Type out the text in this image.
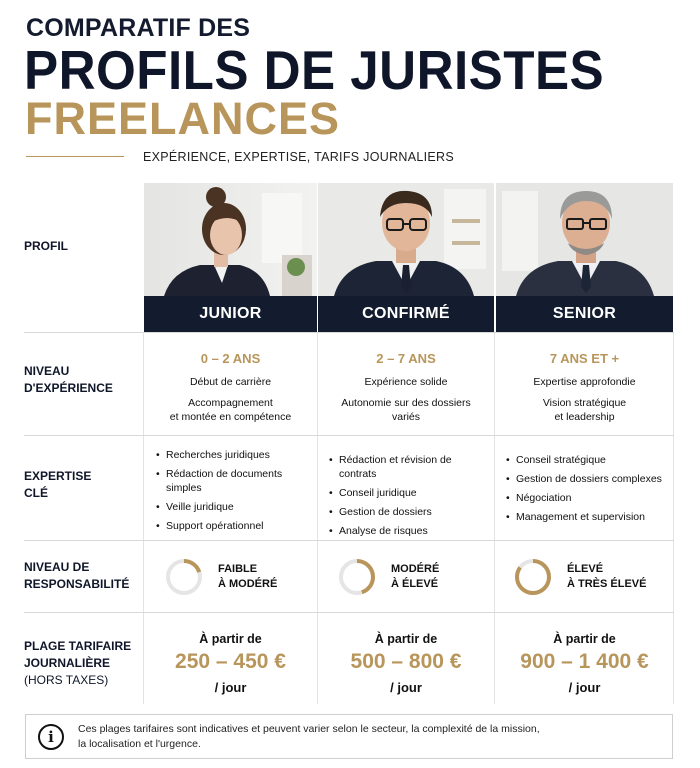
COMPARATIF DES
PROFILS DE JURISTES
FREELANCES
EXPÉRIENCE, EXPERTISE, TARIFS JOURNALIERS
PROFIL
NIVEAU
D'EXPÉRIENCE
EXPERTISE
CLÉ
NIVEAU DE
RESPONSABILITÉ
PLAGE TARIFAIRE
JOURNALIÈRE
(HORS TAXES)
JUNIOR
0 – 2 ANS
Début de carrière
Accompagnement
et montée en compétence
• Recherches juridiques
• Rédaction de documents simples
• Veille juridique
• Support opérationnel
FAIBLE
À MODÉRÉ
À partir de
250 – 450 €
/ jour
CONFIRMÉ
2 – 7 ANS
Expérience solide
Autonomie sur des dossiers
variés
• Rédaction et révision de contrats
• Conseil juridique
• Gestion de dossiers
• Analyse de risques
MODÉRÉ
À ÉLEVÉ
À partir de
500 – 800 €
/ jour
SENIOR
7 ANS ET +
Expertise approfondie
Vision stratégique
et leadership
• Conseil stratégique
• Gestion de dossiers complexes
• Négociation
• Management et supervision
ÉLEVÉ
À TRÈS ÉLEVÉ
À partir de
900 – 1 400 €
/ jour
i	Ces plages tarifaires sont indicatives et peuvent varier selon le secteur, la complexité de la mission,
la localisation et l'urgence.
